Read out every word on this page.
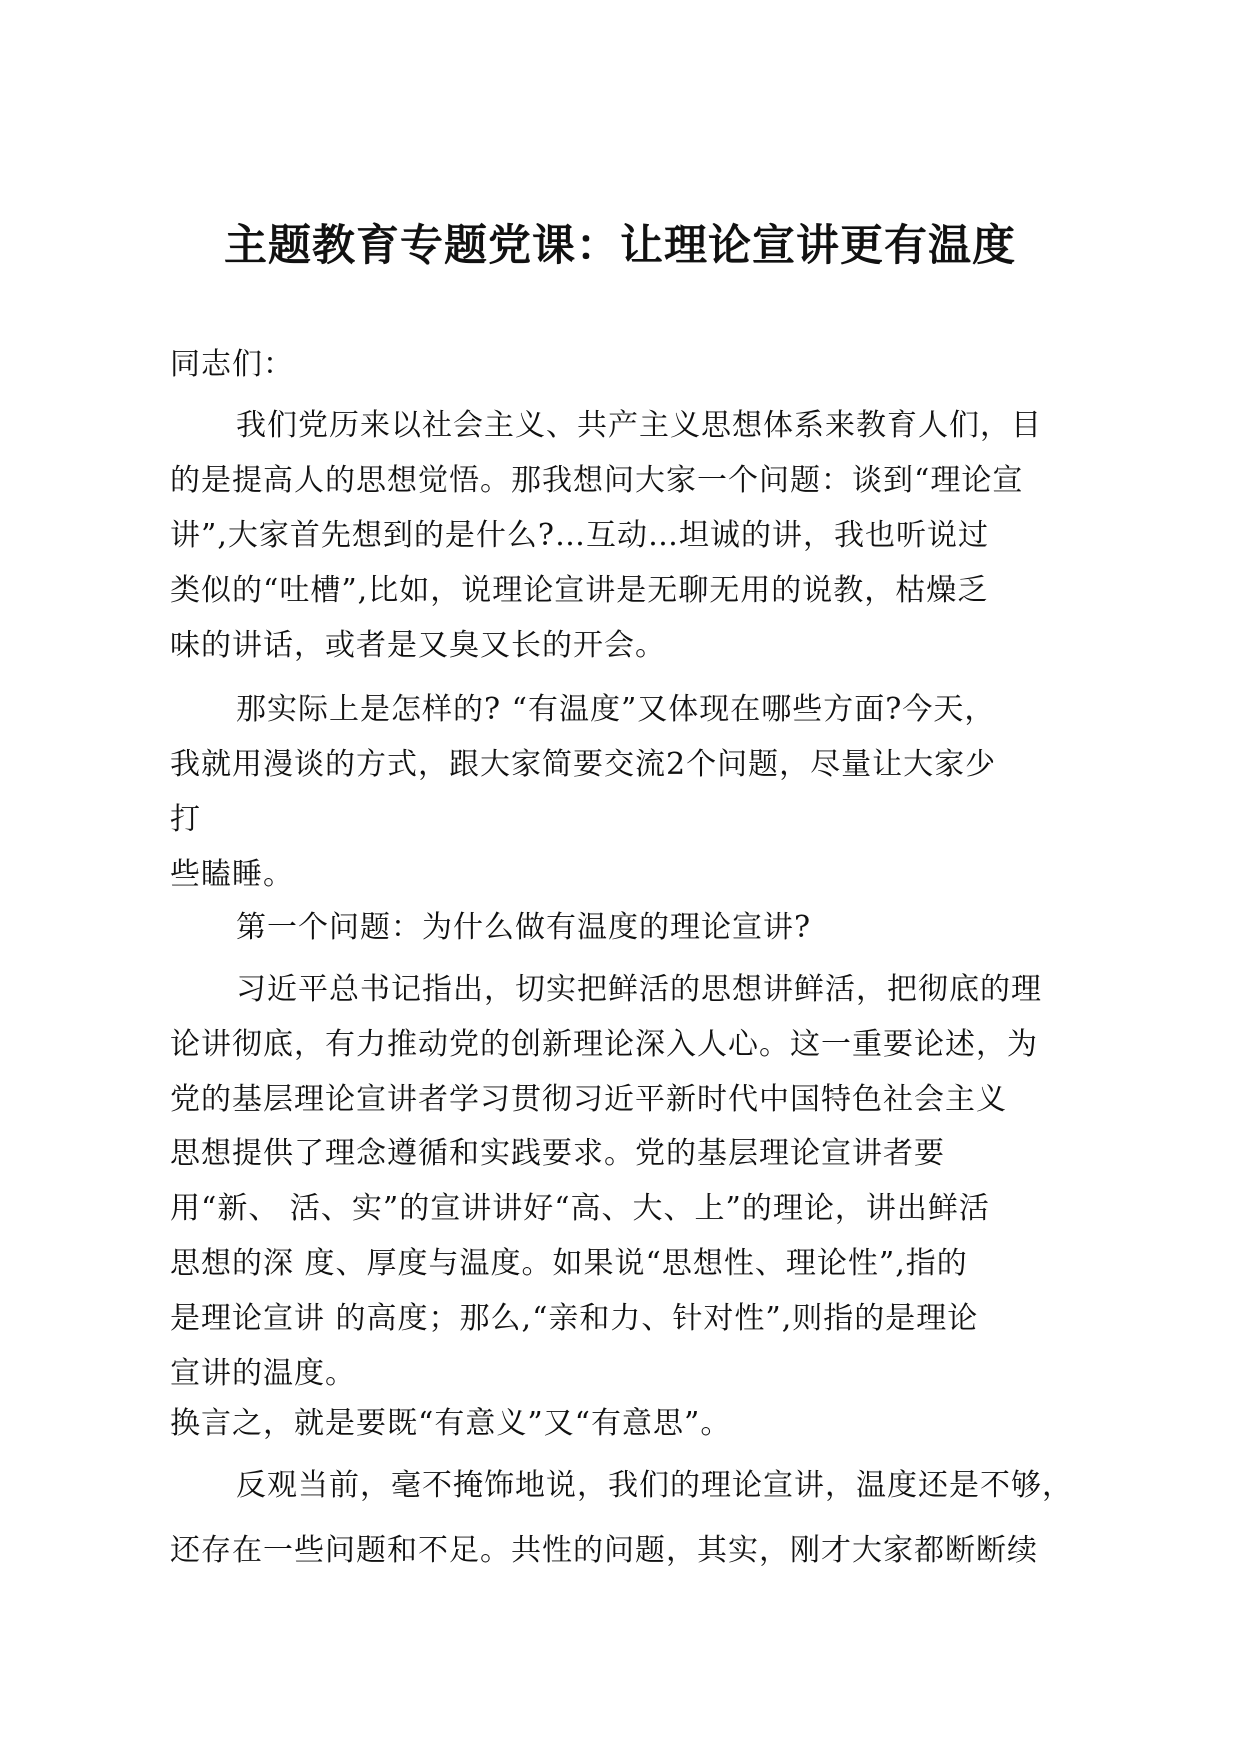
主题教育专题党课：让理论宣讲更有温度
同志们：
我们党历来以社会主义、共产主义思想体系来教育人们，目
的是提高人的思想觉悟。那我想问大家一个问题：谈到“理论宣
讲”,大家首先想到的是什么?…互动…坦诚的讲，我也听说过
类似的“吐槽”,比如，说理论宣讲是无聊无用的说教，枯燥乏
味的讲话，或者是又臭又长的开会。
那实际上是怎样的? “有温度”又体现在哪些方面?今天，
我就用漫谈的方式，跟大家简要交流2个问题，尽量让大家少
打
些瞌睡。
第一个问题：为什么做有温度的理论宣讲?
习近平总书记指出，切实把鲜活的思想讲鲜活，把彻底的理
论讲彻底，有力推动党的创新理论深入人心。这一重要论述，为
党的基层理论宣讲者学习贯彻习近平新时代中国特色社会主义
思想提供了理念遵循和实践要求。党的基层理论宣讲者要
用“新、 活、实”的宣讲讲好“高、大、上”的理论，讲出鲜活
思想的深 度、厚度与温度。如果说“思想性、理论性”,指的
是理论宣讲 的高度；那么,“亲和力、针对性”,则指的是理论
宣讲的温度。
换言之，就是要既“有意义”又“有意思”。
反观当前，毫不掩饰地说，我们的理论宣讲，温度还是不够，
还存在一些问题和不足。共性的问题，其实，刚才大家都断断续
